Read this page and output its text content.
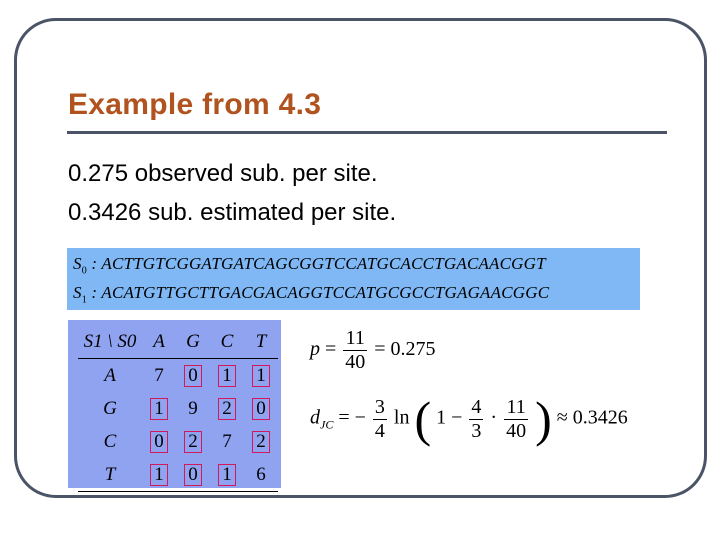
Example from 4.3
0.275 observed sub. per site.
0.3426 sub. estimated per site.
$S_0$ : ACTTGTCGGATGATCAGCGGTCCATGCACCTGACAACGGT
$S_1$ : ACATGTTGCTTGACGACAGGTCCATGCGCCTGAGAACGGC
S1 \ S0	A	G	C	T
A	7	0	1	1
G	1	9	2	0
C	0	2	7	2
T	1	0	1	6
$p = \frac{11}{40} = 0.275$
$d_{JC}$ = − $\frac{3}{4}$ ln ( $1 - \frac{4}{3} \cdot \frac{11}{40}$ ) ≈ 0.3426
